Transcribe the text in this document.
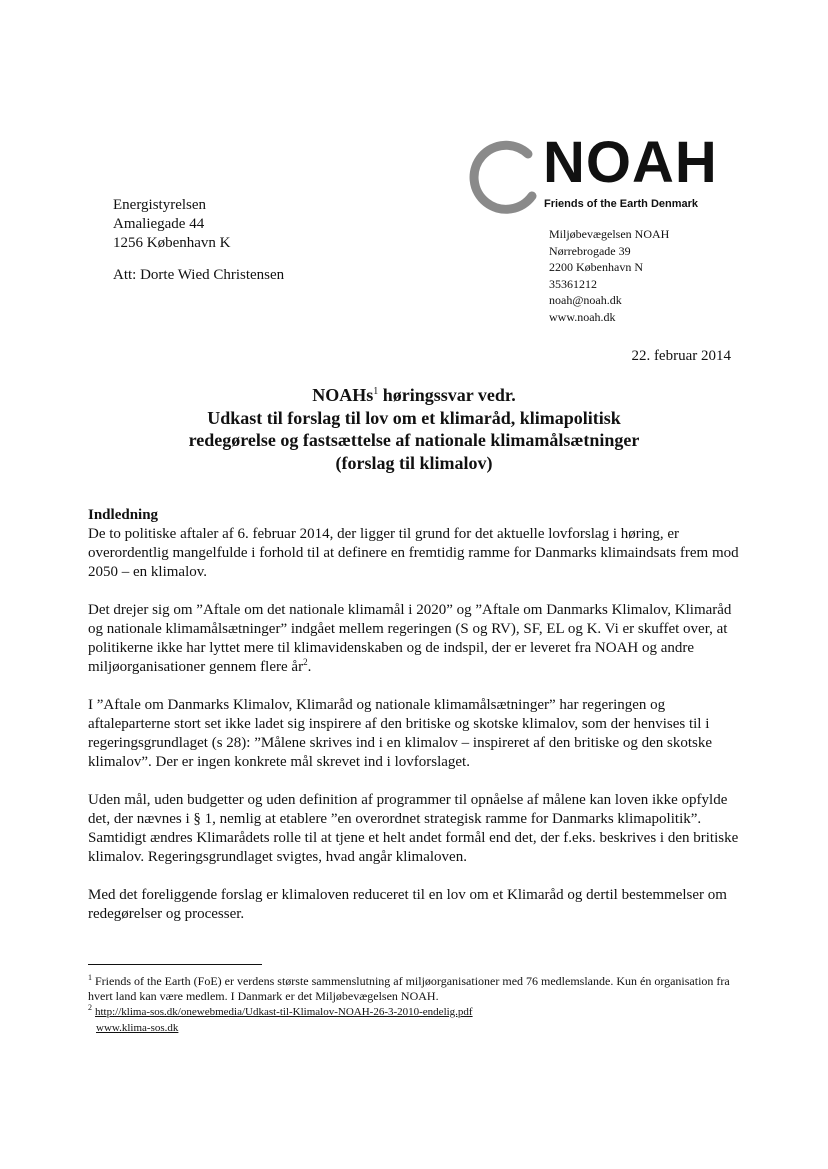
NOAH
Friends of the Earth Denmark
Energistyrelsen
Amaliegade 44
1256 København K
Att: Dorte Wied Christensen
Miljøbevægelsen NOAH
Nørrebrogade 39
2200 København N
35361212
noah@noah.dk
www.noah.dk
22. februar 2014
NOAHs$^1$ høringssvar vedr.
Udkast til forslag til lov om et klimaråd, klimapolitisk
redegørelse og fastsættelse af nationale klimamålsætninger
(forslag til klimalov)
Indledning

De to politiske aftaler af 6. februar 2014, der ligger til grund for det aktuelle lovforslag i høring, er overordentlig mangelfulde i forhold til at definere en fremtidig ramme for Danmarks klimaindsats frem mod 2050 – en klimalov.

Det drejer sig om ”Aftale om det nationale klimamål i 2020” og ”Aftale om Danmarks Klimalov, Klimaråd og nationale klimamålsætninger” indgået mellem regeringen (S og RV), SF, EL og K. Vi er skuffet over, at politikerne ikke har lyttet mere til klimavidenskaben og de indspil, der er leveret fra NOAH og andre miljøorganisationer gennem flere $år^2$.

I ”Aftale om Danmarks Klimalov, Klimaråd og nationale klimamålsætninger” har regeringen og aftaleparterne stort set ikke ladet sig inspirere af den britiske og skotske klimalov, som der henvises til i regeringsgrundlaget (s 28): ”Målene skrives ind i en klimalov – inspireret af den britiske og den skotske klimalov”. Der er ingen konkrete mål skrevet ind i lovforslaget.

Uden mål, uden budgetter og uden definition af programmer til opnåelse af målene kan loven ikke opfylde det, der nævnes i § 1, nemlig at etablere ”en overordnet strategisk ramme for Danmarks klimapolitik”. Samtidigt ændres Klimarådets rolle til at tjene et helt andet formål end det, der f.eks. beskrives i den britiske klimalov. Regeringsgrundlaget svigtes, hvad angår klimaloven.

Med det foreliggende forslag er klimaloven reduceret til en lov om et Klimaråd og dertil bestemmelser om redegørelser og processer.

$^1$ Friends of the Earth (FoE) er verdens største sammenslutning af miljøorganisationer med 76 medlemslande. Kun én organisation fra hvert land kan være medlem. I Danmark er det Miljøbevægelsen NOAH.
$^2$ http://klima-sos.dk/onewebmedia/Udkast-til-Klimalov-NOAH-26-3-2010-endelig.pdf
www.klima-sos.dk
